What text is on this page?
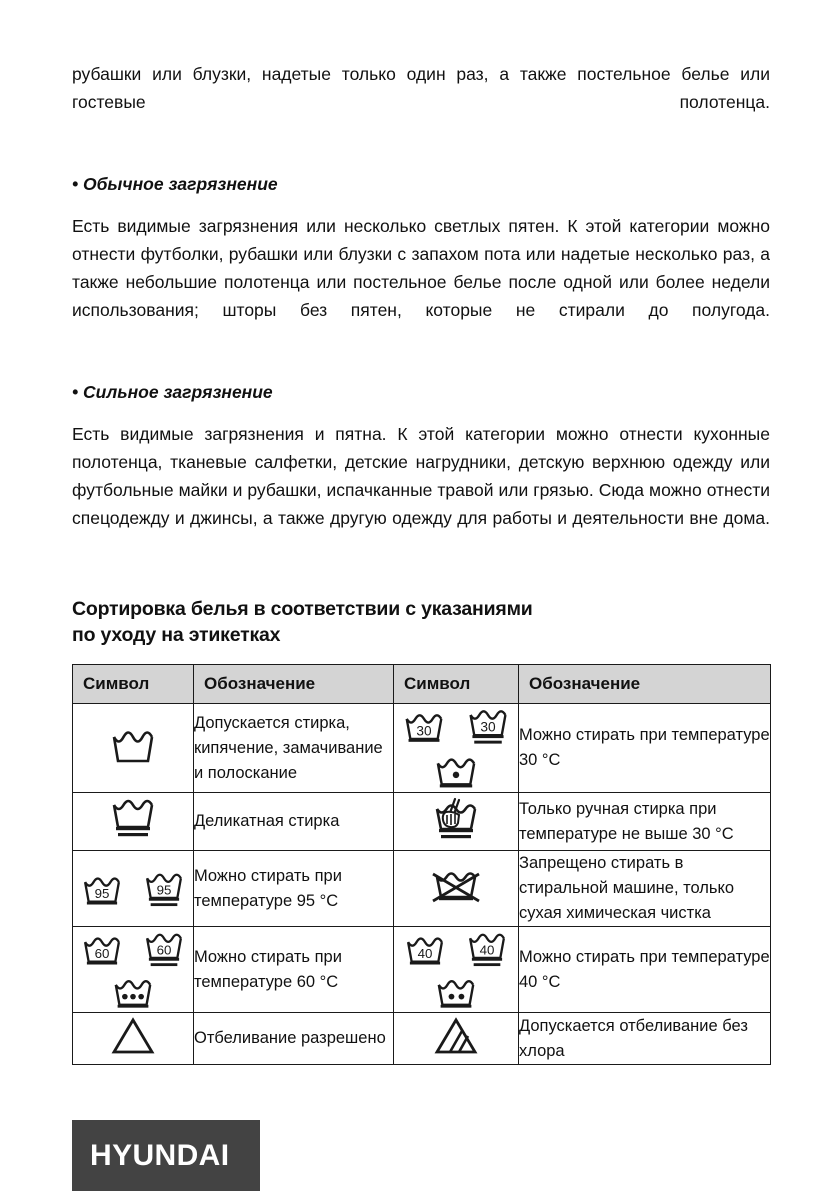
рубашки или блузки, надетые только один раз, а также постельное белье или гостевые полотенца.

• Обычное загрязнение

Есть видимые загрязнения или несколько светлых пятен. К этой категории можно отнести футболки, рубашки или блузки с запахом пота или надетые несколько раз, а также небольшие полотенца или постельное белье после одной или более недели использования; шторы без пятен, которые не стирали до полугода.

• Сильное загрязнение

Есть видимые загрязнения и пятна. К этой категории можно отнести кухонные полотенца, тканевые салфетки, детские нагрудники, детскую верхнюю одежду или футбольные майки и рубашки, испачканные травой или грязью. Сюда можно отнести спецодежду и джинсы, а также другую одежду для работы и деятельности вне дома.

Сортировка белья в соответствии с указаниями
по уходу на этикетках
Символ	Обозначение	Символ	Обозначение
	Допускается стирка, кипячение, замачивание и полоскание	30 30	Можно стирать при температуре 30 °C
	Деликатная стирка		Только ручная стирка при температуре не выше 30 °C

95 95	Можно стирать при температуре 95 °C		Запрещено стирать в стиральной машине, только сухая химическая чистка

60 60	Можно стирать при температуре 60 °C	40 40	Можно стирать при температуре 40 °C
	Отбеливание разрешено		Допускается отбеливание без хлора
HYUNDAI
